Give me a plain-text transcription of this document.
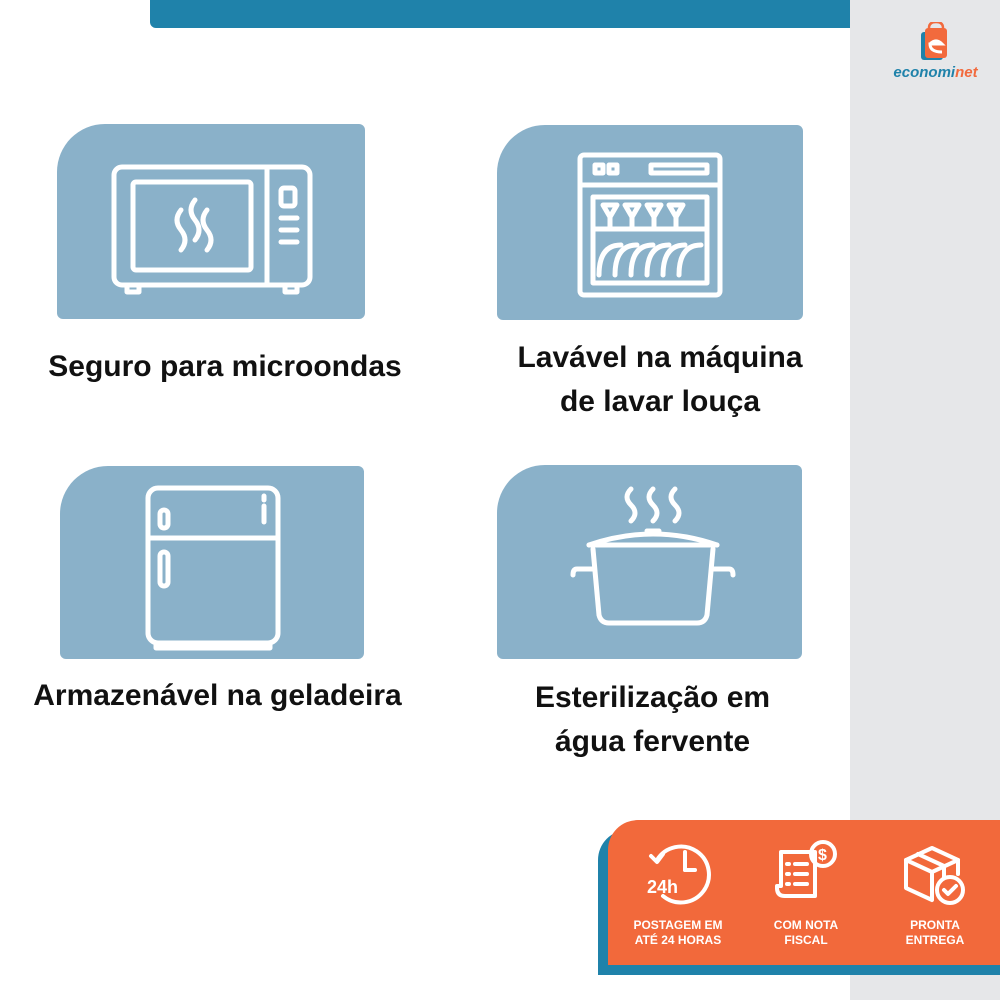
econominet
Seguro para microondas	Lavável na máquina
de lavar louça
Armazenável na geladeira	Esterilização em
água fervente
24h
POSTAGEM EM
ATÉ 24 HORAS
$
COM NOTA
FISCAL
PRONTA
ENTREGA
